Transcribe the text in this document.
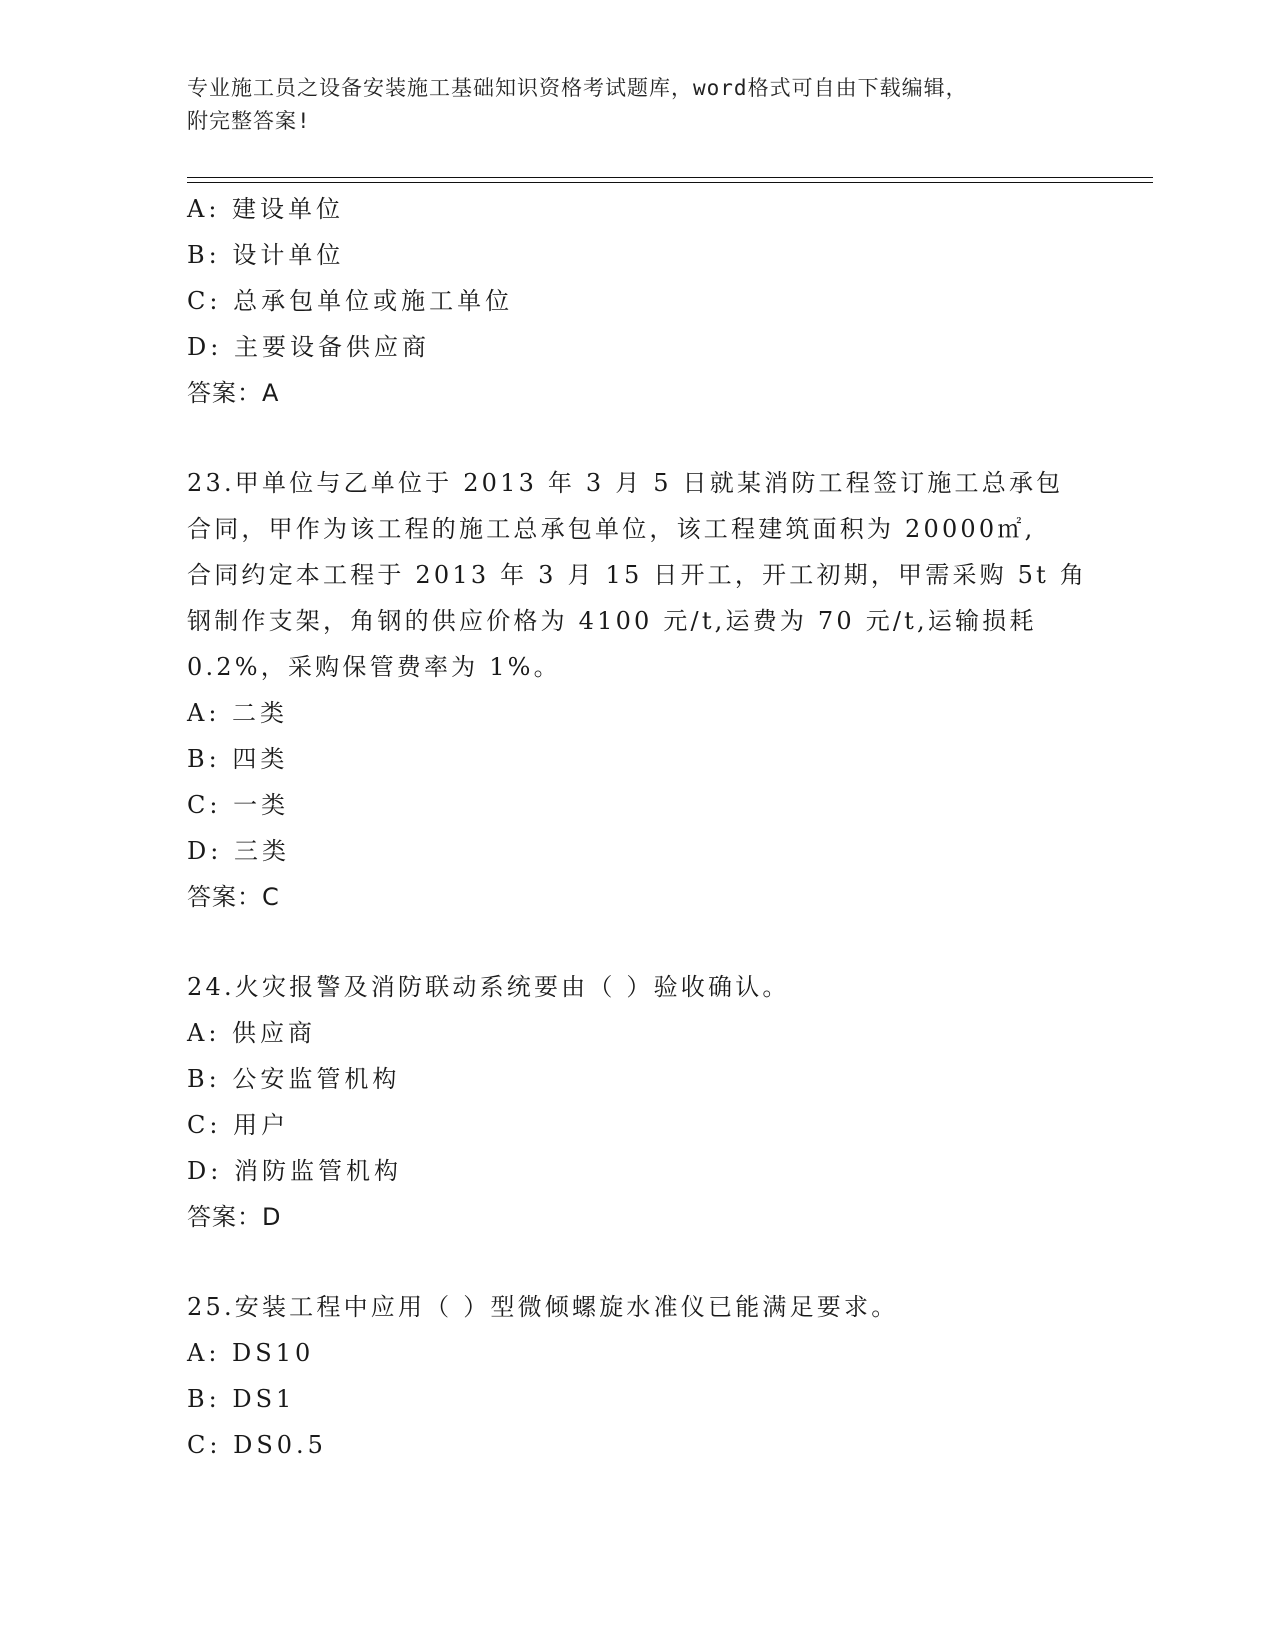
专业施工员之设备安装施工基础知识资格考试题库，word格式可自由下载编辑，
附完整答案!
A: 建设单位
B: 设计单位
C: 总承包单位或施工单位
D: 主要设备供应商
答案：A
23.甲单位与乙单位于 2013 年 3 月 5 日就某消防工程签订施工总承包
合同，甲作为该工程的施工总承包单位，该工程建筑面积为 20000㎡,
合同约定本工程于 2013 年 3 月 15 日开工，开工初期，甲需采购 5t 角
钢制作支架，角钢的供应价格为 4100 元/t,运费为 70 元/t,运输损耗
0.2%，采购保管费率为 1%。
A: 二类
B: 四类
C: 一类
D: 三类
答案：C
24.火灾报警及消防联动系统要由（ ）验收确认。
A: 供应商
B: 公安监管机构
C: 用户
D: 消防监管机构
答案：D
25.安装工程中应用（ ）型微倾螺旋水准仪已能满足要求。
A: DS10
B: DS1
C: DS0.5
